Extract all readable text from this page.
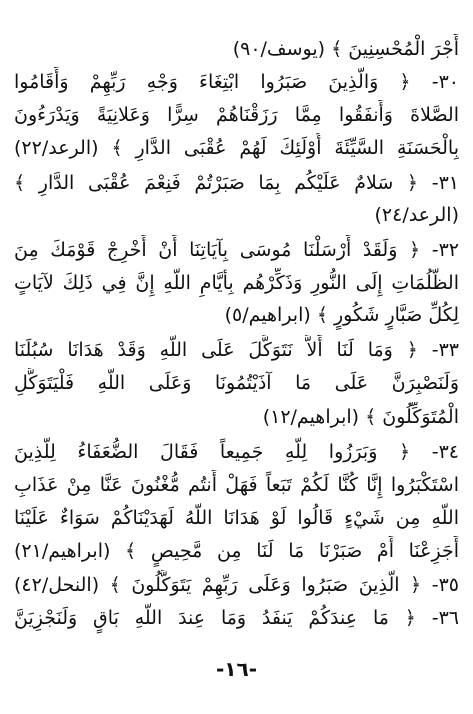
أَجْرَ الْمُحْسِنِينَ ﴾ (يوسف/٩٠)
٣٠- ﴿ وَالَّذِينَ صَبَرُوا ابْتِغَاءَ وَجْهِ رَبِّهِمْ وَأَقَامُوا
الصَّلاةَ وَأَنفَقُوا مِمَّا رَزَقْنَاهُمْ سِرًّا وَعَلانِيَةً وَيَدْرَءُونَ
بِالْحَسَنَةِ السَّيِّئَةَ أُوْلَئِكَ لَهُمْ عُقْبَى الدَّارِ ﴾ (الرعد/٢٢)
٣١- ﴿ سَلامٌ عَلَيْكُم بِمَا صَبَرْتُمْ فَنِعْمَ عُقْبَى الدَّارِ ﴾
(الرعد/٢٤)
٣٢- ﴿ وَلَقَدْ أَرْسَلْنَا مُوسَى بِآيَاتِنَا أَنْ أَخْرِجْ قَوْمَكَ مِنَ
الظُّلُمَاتِ إِلَى النُّورِ وَذَكِّرْهُم بِأَيَّامِ اللَّهِ إِنَّ فِي ذَلِكَ لآيَاتٍ
لِكُلِّ صَبَّارٍ شَكُورٍ ﴾ (ابراهيم/٥)
٣٣- ﴿ وَمَا لَنَا أَلاَّ نَتَوَكَّلَ عَلَى اللَّهِ وَقَدْ هَدَانَا سُبُلَنَا
وَلَنَصْبِرَنَّ عَلَى مَا آذَيْتُمُونَا وَعَلَى اللَّهِ فَلْيَتَوَكَّلِ
الْمُتَوَكِّلُونَ ﴾ (ابراهيم/١٢)
٣٤- ﴿ وَبَرَزُوا لِلَّهِ جَمِيعاً فَقَالَ الضُّعَفَاءُ لِلَّذِينَ
اسْتَكْبَرُوا إِنَّا كُنَّا لَكُمْ تَبَعاً فَهَلْ أَنتُم مُّغْنُونَ عَنَّا مِنْ عَذَابِ
اللَّهِ مِن شَيْءٍ قَالُوا لَوْ هَدَانَا اللَّهُ لَهَدَيْنَاكُمْ سَوَاءٌ عَلَيْنَا
أَجَزِعْنَا أَمْ صَبَرْنَا مَا لَنَا مِن مَّحِيصٍ ﴾ (ابراهيم/٢١)
٣٥- ﴿ الَّذِينَ صَبَرُوا وَعَلَى رَبِّهِمْ يَتَوَكَّلُونَ ﴾ (النحل/٤٢)
٣٦- ﴿ مَا عِندَكُمْ يَنفَدُ وَمَا عِندَ اللَّهِ بَاقٍ وَلَنَجْزِيَنَّ
-١٦-
